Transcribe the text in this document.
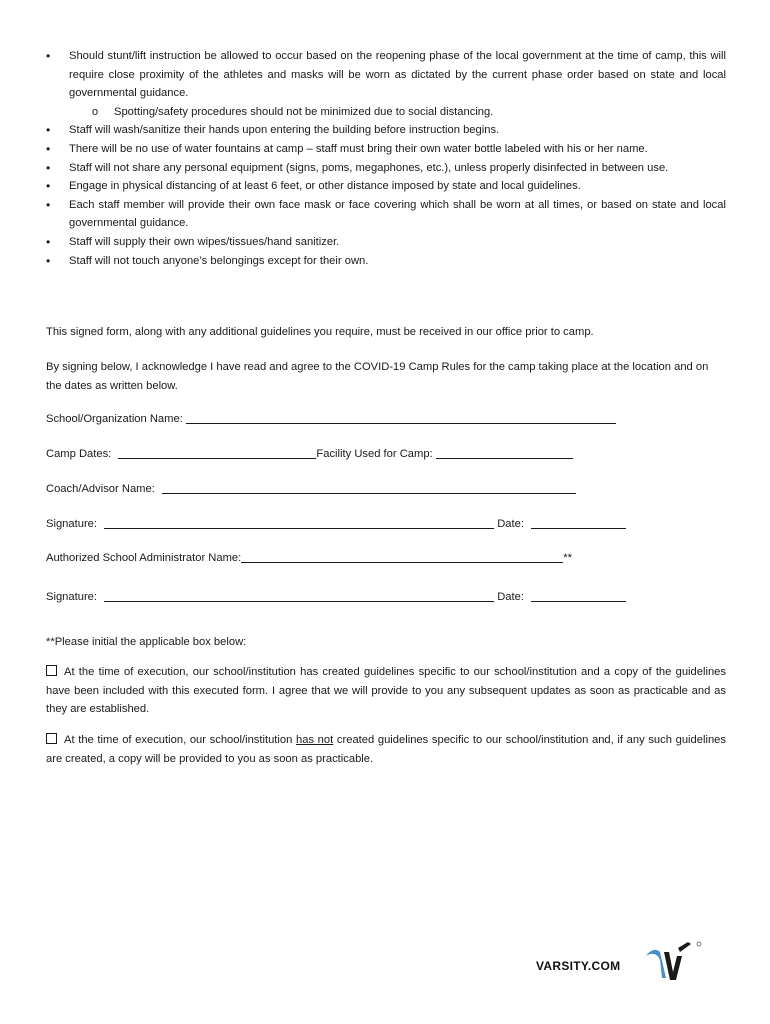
• Should stunt/lift instruction be allowed to occur based on the reopening phase of the local government at the time of camp, this will require close proximity of the athletes and masks will be worn as dictated by the current phase order based on state and local governmental guidance.
o Spotting/safety procedures should not be minimized due to social distancing.
• Staff will wash/sanitize their hands upon entering the building before instruction begins.
• There will be no use of water fountains at camp – staff must bring their own water bottle labeled with his or her name.
• Staff will not share any personal equipment (signs, poms, megaphones, etc.), unless properly disinfected in between use.
• Engage in physical distancing of at least 6 feet, or other distance imposed by state and local guidelines.
• Each staff member will provide their own face mask or face covering which shall be worn at all times, or based on state and local governmental guidance.
• Staff will supply their own wipes/tissues/hand sanitizer.
• Staff will not touch anyone’s belongings except for their own.

This signed form, along with any additional guidelines you require, must be received in our office prior to camp.

By signing below, I acknowledge I have read and agree to the COVID-19 Camp Rules for the camp taking place at the location and on the dates as written below.

School/Organization Name:
Camp Dates:	Facility Used for Camp:
Coach/Advisor Name:
Signature:	Date:
Authorized School Administrator Name:	**
Signature:	Date:

**Please initial the applicable box below:

At the time of execution, our school/institution has created guidelines specific to our school/institution and a copy of the guidelines have been included with this executed form. I agree that we will provide to you any subsequent updates as soon as practicable and as they are established.

At the time of execution, our school/institution has not created guidelines specific to our school/institution and, if any such guidelines are created, a copy will be provided to you as soon as practicable.

VARSITY.COM
